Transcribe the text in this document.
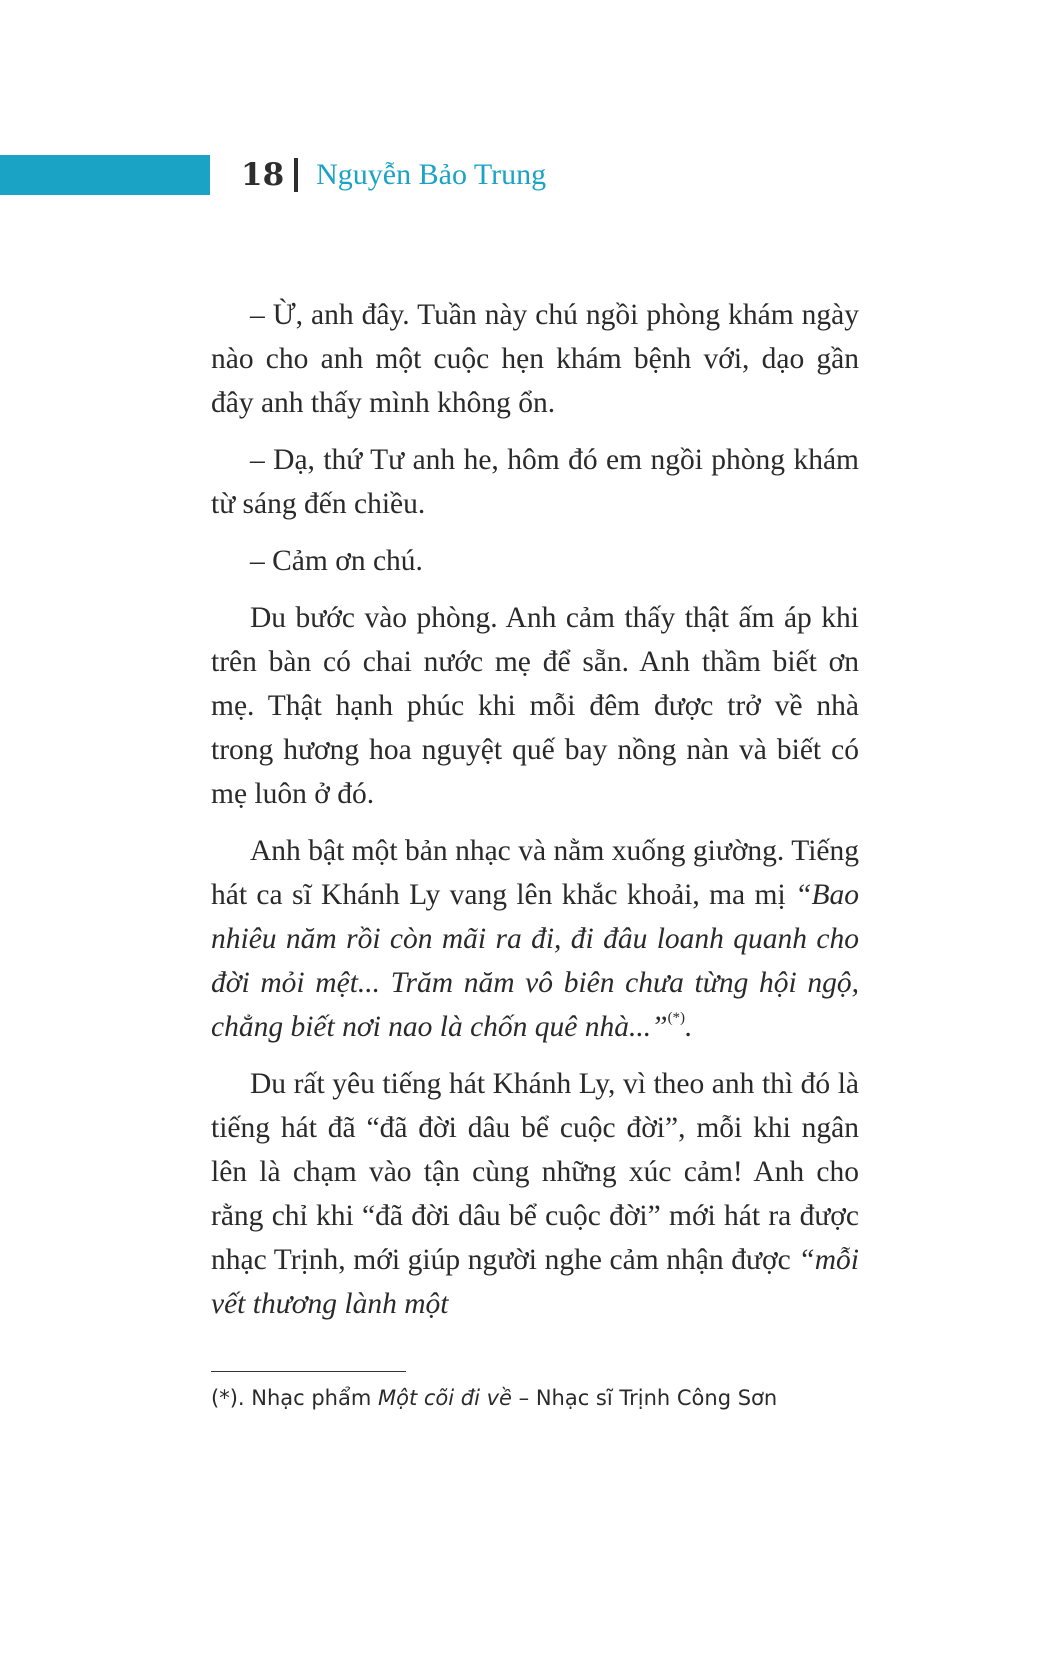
18 Nguyễn Bảo Trung

– Ừ, anh đây. Tuần này chú ngồi phòng khám ngày nào cho anh một cuộc hẹn khám bệnh với, dạo gần đây anh thấy mình không ổn.

– Dạ, thứ Tư anh he, hôm đó em ngồi phòng khám từ sáng đến chiều.

– Cảm ơn chú.

Du bước vào phòng. Anh cảm thấy thật ấm áp khi trên bàn có chai nước mẹ để sẵn. Anh thầm biết ơn mẹ. Thật hạnh phúc khi mỗi đêm được trở về nhà trong hương hoa nguyệt quế bay nồng nàn và biết có mẹ luôn ở đó.

Anh bật một bản nhạc và nằm xuống giường. Tiếng hát ca sĩ Khánh Ly vang lên khắc khoải, ma mị “Bao nhiêu năm rồi còn mãi ra đi, đi đâu loanh quanh cho đời mỏi mệt... Trăm năm vô biên chưa từng hội ngộ, chẳng biết nơi nao là chốn quê nhà...”(*).

Du rất yêu tiếng hát Khánh Ly, vì theo anh thì đó là tiếng hát đã “đã đời dâu bể cuộc đời”, mỗi khi ngân lên là chạm vào tận cùng những xúc cảm! Anh cho rằng chỉ khi “đã đời dâu bể cuộc đời” mới hát ra được nhạc Trịnh, mới giúp người nghe cảm nhận được “mỗi vết thương lành một

(*). Nhạc phẩm Một cõi đi về – Nhạc sĩ Trịnh Công Sơn
